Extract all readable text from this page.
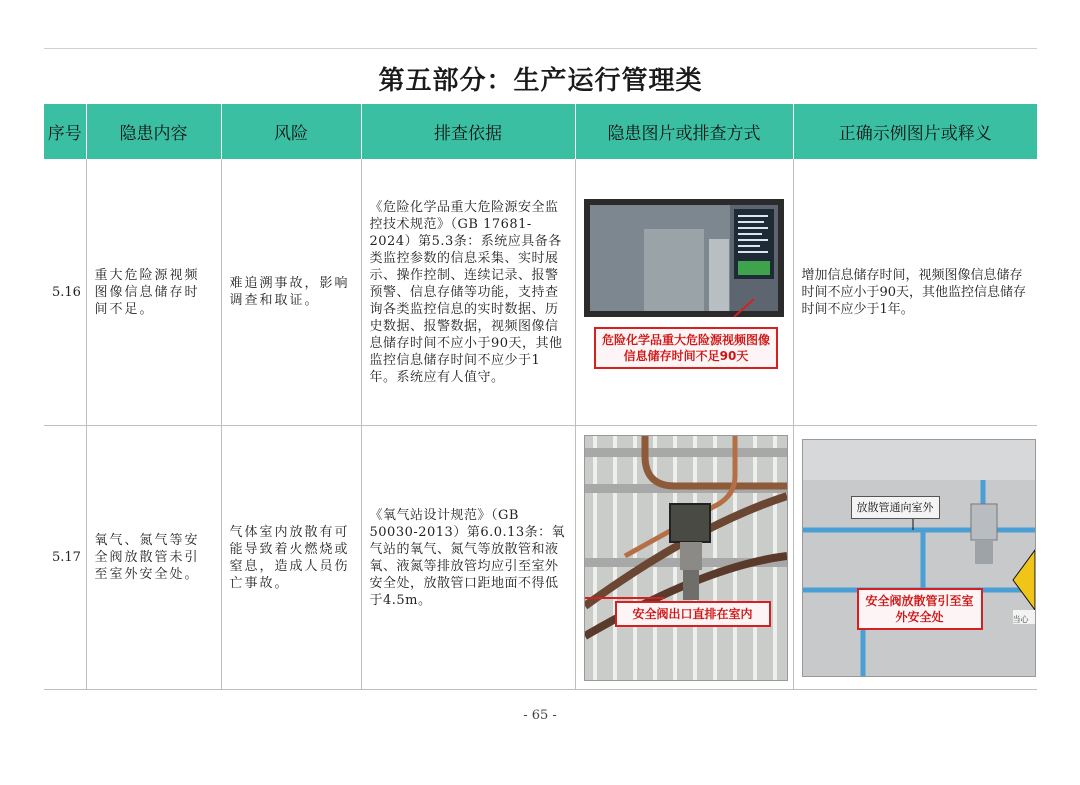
第五部分：生产运行管理类
序号	隐患内容	风险	排查依据	隐患图片或排查方式	正确示例图片或释义
5.16	重大危险源视频图像信息储存时间不足。	难追溯事故，影响调查和取证。	《危险化学品重大危险源安全监控技术规范》（GB 17681-2024）第5.3条：系统应具备各类监控参数的信息采集、实时展示、操作控制、连续记录、报警预警、信息存储等功能，支持查询各类监控信息的实时数据、历史数据、报警数据，视频图像信息储存时间不应小于90天，其他监控信息储存时间不应少于1年。系统应有人值守。	危险化学品重大危险源视频图像信息储存时间不足90天	增加信息储存时间，视频图像信息储存时间不应小于90天，其他监控信息储存时间不应少于1年。
5.17	氧气、氮气等安全阀放散管未引至室外安全处。	气体室内放散有可能导致着火燃烧或窒息，造成人员伤亡事故。	《氧气站设计规范》（GB 50030-2013）第6.0.13条：氧气站的氧气、氮气等放散管和液氧、液氮等排放管均应引至室外安全处，放散管口距地面不得低于4.5m。	安全阀出口直排在室内	放散管通向室外
安全阀放散管引至室外安全处 当心
- 65 -
